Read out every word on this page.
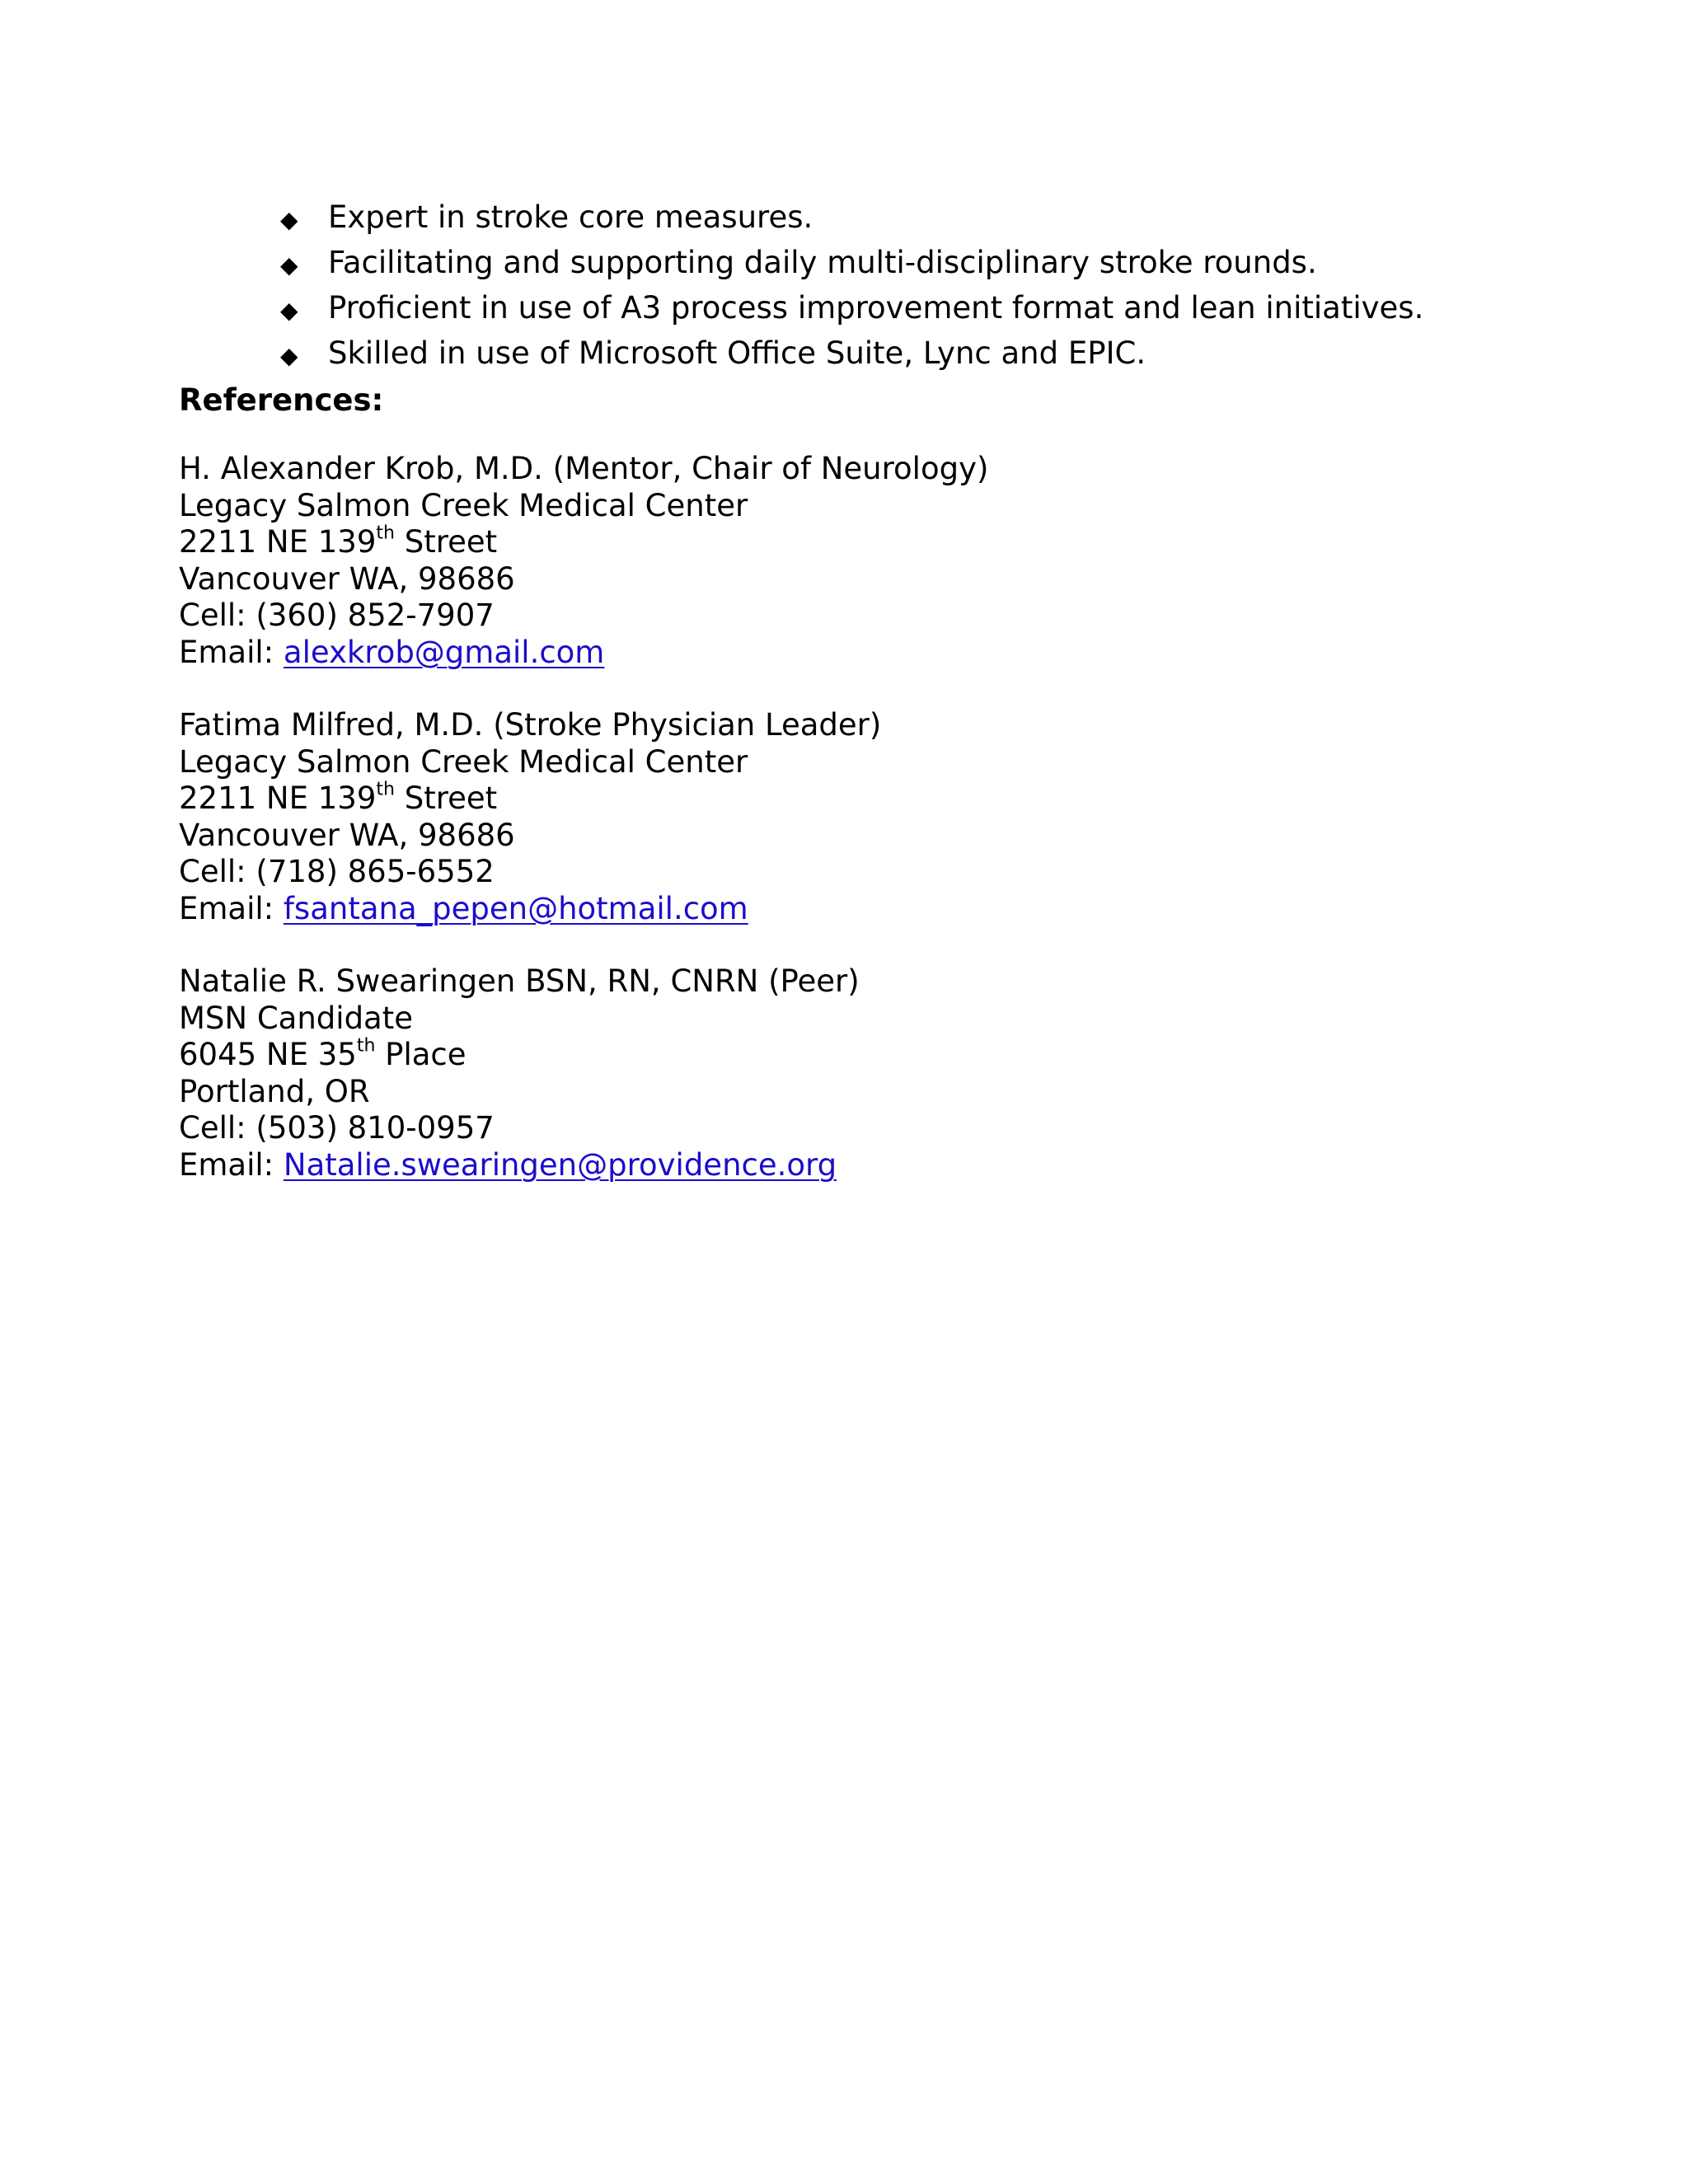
◆ Expert in stroke core measures.
◆ Facilitating and supporting daily multi-disciplinary stroke rounds.
◆ Proficient in use of A3 process improvement format and lean initiatives.
◆ Skilled in use of Microsoft Office Suite, Lync and EPIC.
References:
H. Alexander Krob, M.D. (Mentor, Chair of Neurology)
Legacy Salmon Creek Medical Center
2211 NE 139th Street
Vancouver WA, 98686
Cell: (360) 852-7907
Email: alexkrob@gmail.com
Fatima Milfred, M.D. (Stroke Physician Leader)
Legacy Salmon Creek Medical Center
2211 NE 139th Street
Vancouver WA, 98686
Cell: (718) 865-6552
Email: fsantana_pepen@hotmail.com
Natalie R. Swearingen BSN, RN, CNRN (Peer)
MSN Candidate
6045 NE 35th Place
Portland, OR
Cell: (503) 810-0957
Email: Natalie.swearingen@providence.org
